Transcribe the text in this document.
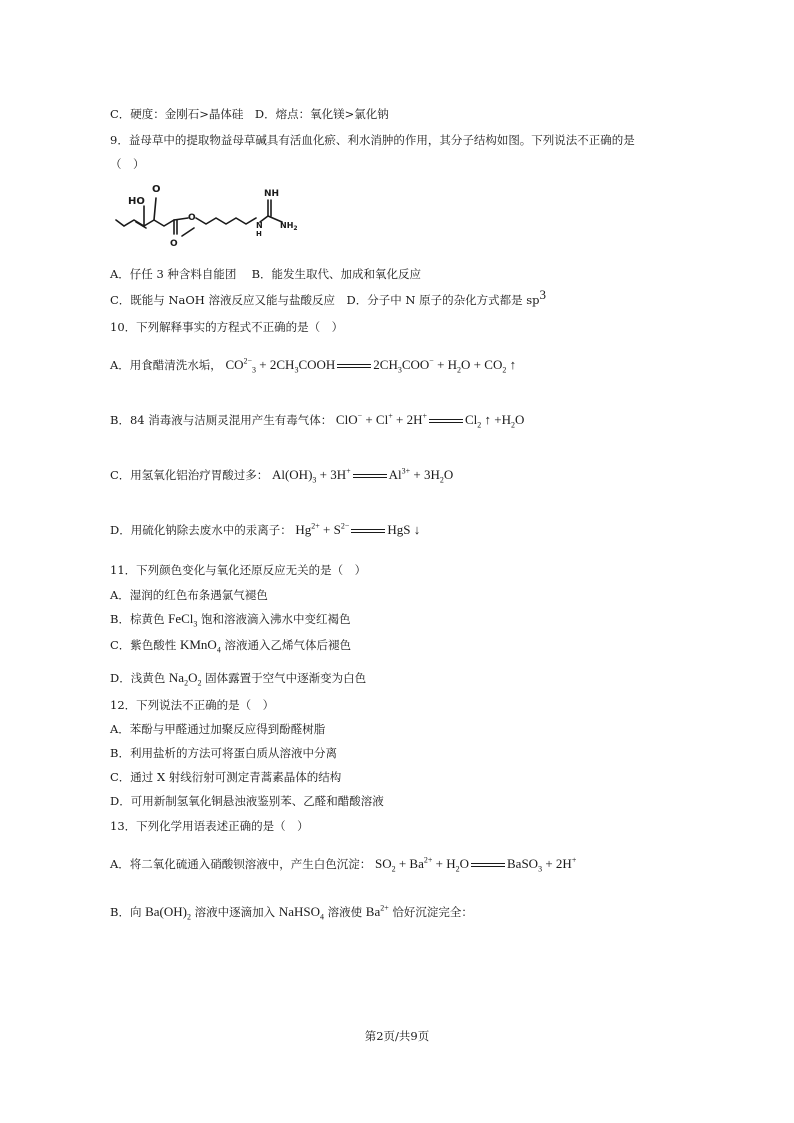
C．硬度：金刚石>晶体硅　D．熔点：氧化镁>氯化钠
9．益母草中的提取物益母草碱具有活血化瘀、利水消肿的作用，其分子结构如图。下列说法不正确的是
（　）
HO
O
O
O
N
H
NH
$NH_2$
A．仔任 3 种含料自能团　 B．能发生取代、加成和氧化反应
C．既能与 NaOH 溶液反应又能与盐酸反应　D．分子中 N 原子的杂化方式都是 $sp^3$
10．下列解释事实的方程式不正确的是（　）
A．用食醋清洗水垢， $CO^{2-}_3$ + $2CH_3COOH$	$2CH_3COO^- + H_2O + CO_2$ ↑
B．84 消毒液与洁厕灵混用产生有毒气体： ClO− + Cl+ + 2H+	$Cl_2$ ↑ $+H_2O$
C．用氢氧化铝治疗胃酸过多： $Al(OH)_3 + 3H^+$	$Al^{3+} + 3H_2O$
D．用硫化钠除去废水中的汞离子： $Hg^{2+} + S^{2-}$	HgS ↓
11．下列颜色变化与氧化还原反应无关的是（　）
A．湿润的红色布条遇氯气褪色
B．棕黄色 FeCl$_3$ 饱和溶液滴入沸水中变红褐色
C．紫色酸性 KMnO$_4$ 溶液通入乙烯气体后褪色
D．浅黄色 $Na_2O_2$ 固体露置于空气中逐渐变为白色
12．下列说法不正确的是（　）
A．苯酚与甲醛通过加聚反应得到酚醛树脂
B．利用盐析的方法可将蛋白质从溶液中分离
C．通过 X 射线衍射可测定青蒿素晶体的结构
D．可用新制氢氧化铜悬浊液鉴别苯、乙醛和醋酸溶液
13．下列化学用语表述正确的是（　）
A．将二氧化硫通入硝酸钡溶液中，产生白色沉淀： $SO_2 + Ba^{2+} + H_2O$	BaSO$_3$ + 2H+
B．向 $Ba(OH)_2$ 溶液中逐滴加入 NaHSO$_4$ 溶液使 $Ba^{2+}$ 恰好沉淀完全：
第2页/共9页
